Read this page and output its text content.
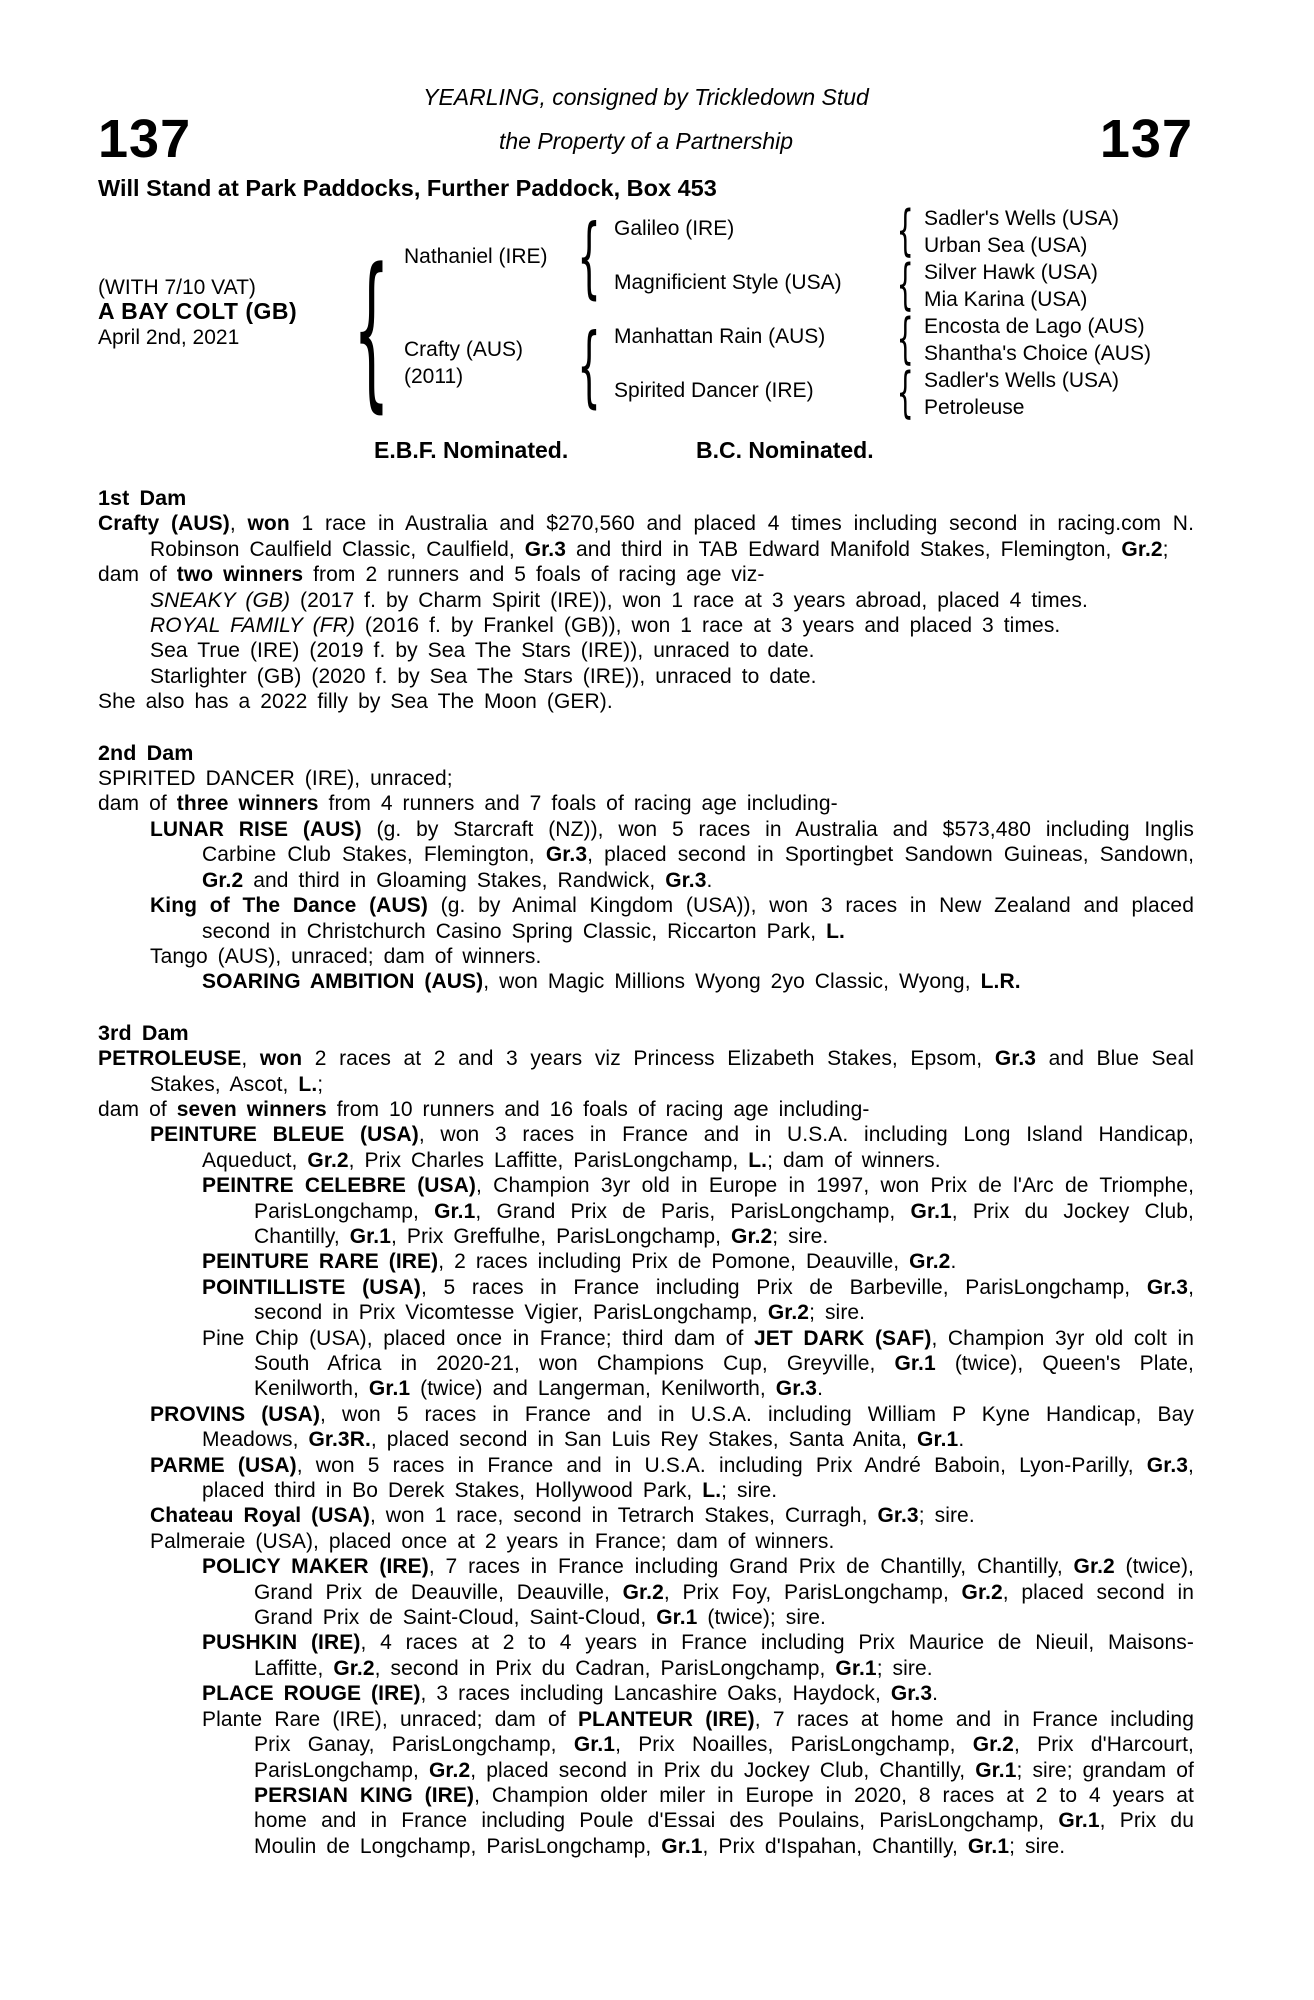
YEARLING, consigned by Trickledown Stud
the Property of a Partnership
137	137
Will Stand at Park Paddocks, Further Paddock, Box 453
(WITH 7/10 VAT)
A BAY COLT (GB)
April 2nd, 2021 { Nathaniel (IRE)
Crafty (AUS)
(2011)
{
{
Galileo (IRE)
Magnificient Style (USA)
Manhattan Rain (AUS)
Spirited Dancer (IRE)
{
{
{
{
Sadler's Wells (USA)
Urban Sea (USA)
Silver Hawk (USA)
Mia Karina (USA)
Encosta de Lago (AUS)
Shantha's Choice (AUS)
Sadler's Wells (USA)
Petroleuse
E.B.F. Nominated.	B.C. Nominated.
1st Dam

Crafty (AUS), won 1 race in Australia and $270,560 and placed 4 times including second in racing.com N. Robinson Caulfield Classic, Caulfield, Gr.3 and third in TAB Edward Manifold Stakes, Flemington, Gr.2;

dam of two winners from 2 runners and 5 foals of racing age viz-

SNEAKY (GB) (2017 f. by Charm Spirit (IRE)), won 1 race at 3 years abroad, placed 4 times.

ROYAL FAMILY (FR) (2016 f. by Frankel (GB)), won 1 race at 3 years and placed 3 times.

Sea True (IRE) (2019 f. by Sea The Stars (IRE)), unraced to date.

Starlighter (GB) (2020 f. by Sea The Stars (IRE)), unraced to date.

She also has a 2022 filly by Sea The Moon (GER).

2nd Dam

SPIRITED DANCER (IRE), unraced;

dam of three winners from 4 runners and 7 foals of racing age including-

LUNAR RISE (AUS) (g. by Starcraft (NZ)), won 5 races in Australia and $573,480 including Inglis Carbine Club Stakes, Flemington, Gr.3, placed second in Sportingbet Sandown Guineas, Sandown, Gr.2 and third in Gloaming Stakes, Randwick, Gr.3.

King of The Dance (AUS) (g. by Animal Kingdom (USA)), won 3 races in New Zealand and placed second in Christchurch Casino Spring Classic, Riccarton Park, L.

Tango (AUS), unraced; dam of winners.

SOARING AMBITION (AUS), won Magic Millions Wyong 2yo Classic, Wyong, L.R.

3rd Dam

PETROLEUSE, won 2 races at 2 and 3 years viz Princess Elizabeth Stakes, Epsom, Gr.3 and Blue Seal Stakes, Ascot, L.;

dam of seven winners from 10 runners and 16 foals of racing age including-

PEINTURE BLEUE (USA), won 3 races in France and in U.S.A. including Long Island Handicap, Aqueduct, Gr.2, Prix Charles Laffitte, ParisLongchamp, L.; dam of winners.

PEINTRE CELEBRE (USA), Champion 3yr old in Europe in 1997, won Prix de l'Arc de Triomphe, ParisLongchamp, Gr.1, Grand Prix de Paris, ParisLongchamp, Gr.1, Prix du Jockey Club, Chantilly, Gr.1, Prix Greffulhe, ParisLongchamp, Gr.2; sire.

PEINTURE RARE (IRE), 2 races including Prix de Pomone, Deauville, Gr.2.

POINTILLISTE (USA), 5 races in France including Prix de Barbeville, ParisLongchamp, Gr.3, second in Prix Vicomtesse Vigier, ParisLongchamp, Gr.2; sire.

Pine Chip (USA), placed once in France; third dam of JET DARK (SAF), Champion 3yr old colt in South Africa in 2020-21, won Champions Cup, Greyville, Gr.1 (twice), Queen's Plate, Kenilworth, Gr.1 (twice) and Langerman, Kenilworth, Gr.3.

PROVINS (USA), won 5 races in France and in U.S.A. including William P Kyne Handicap, Bay Meadows, Gr.3R., placed second in San Luis Rey Stakes, Santa Anita, Gr.1.

PARME (USA), won 5 races in France and in U.S.A. including Prix André Baboin, Lyon-Parilly, Gr.3, placed third in Bo Derek Stakes, Hollywood Park, L.; sire.

Chateau Royal (USA), won 1 race, second in Tetrarch Stakes, Curragh, Gr.3; sire.

Palmeraie (USA), placed once at 2 years in France; dam of winners.

POLICY MAKER (IRE), 7 races in France including Grand Prix de Chantilly, Chantilly, Gr.2 (twice), Grand Prix de Deauville, Deauville, Gr.2, Prix Foy, ParisLongchamp, Gr.2, placed second in Grand Prix de Saint-Cloud, Saint-Cloud, Gr.1 (twice); sire.

PUSHKIN (IRE), 4 races at 2 to 4 years in France including Prix Maurice de Nieuil, Maisons-Laffitte, Gr.2, second in Prix du Cadran, ParisLongchamp, Gr.1; sire.

PLACE ROUGE (IRE), 3 races including Lancashire Oaks, Haydock, Gr.3.

Plante Rare (IRE), unraced; dam of PLANTEUR (IRE), 7 races at home and in France including Prix Ganay, ParisLongchamp, Gr.1, Prix Noailles, ParisLongchamp, Gr.2, Prix d'Harcourt, ParisLongchamp, Gr.2, placed second in Prix du Jockey Club, Chantilly, Gr.1; sire; grandam of PERSIAN KING (IRE), Champion older miler in Europe in 2020, 8 races at 2 to 4 years at home and in France including Poule d'Essai des Poulains, ParisLongchamp, Gr.1, Prix du Moulin de Longchamp, ParisLongchamp, Gr.1, Prix d'Ispahan, Chantilly, Gr.1; sire.
